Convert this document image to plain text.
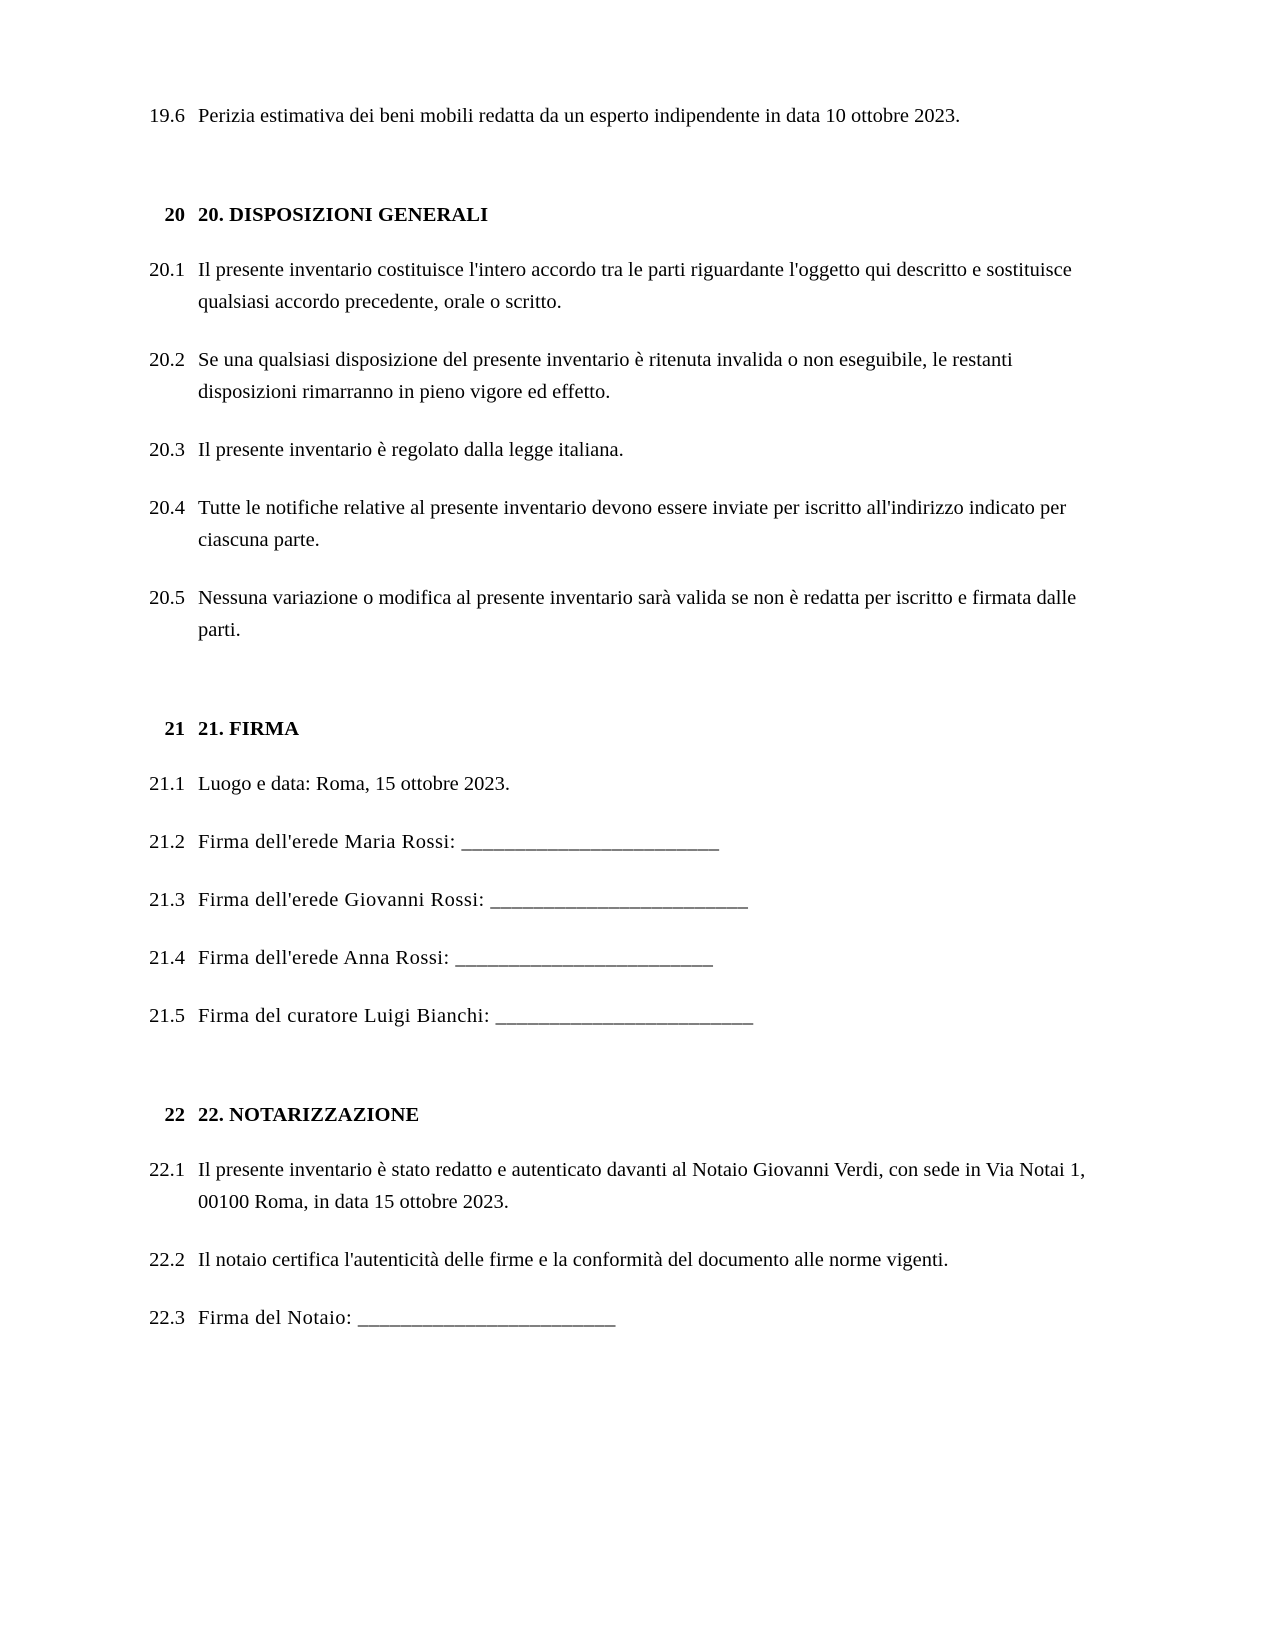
19.6 Perizia estimativa dei beni mobili redatta da un esperto indipendente in data 10 ottobre 2023.
20 20. DISPOSIZIONI GENERALI
20.1 Il presente inventario costituisce l'intero accordo tra le parti riguardante l'oggetto qui descritto e sostituisce qualsiasi accordo precedente, orale o scritto.
20.2 Se una qualsiasi disposizione del presente inventario è ritenuta invalida o non eseguibile, le restanti disposizioni rimarranno in pieno vigore ed effetto.
20.3 Il presente inventario è regolato dalla legge italiana.
20.4 Tutte le notifiche relative al presente inventario devono essere inviate per iscritto all'indirizzo indicato per ciascuna parte.
20.5 Nessuna variazione o modifica al presente inventario sarà valida se non è redatta per iscritto e firmata dalle parti.
21 21. FIRMA
21.1 Luogo e data: Roma, 15 ottobre 2023.
21.2 Firma dell'erede Maria Rossi: ________________________
21.3 Firma dell'erede Giovanni Rossi: ________________________
21.4 Firma dell'erede Anna Rossi: ________________________
21.5 Firma del curatore Luigi Bianchi: ________________________
22 22. NOTARIZZAZIONE
22.1 Il presente inventario è stato redatto e autenticato davanti al Notaio Giovanni Verdi, con sede in Via Notai 1, 00100 Roma, in data 15 ottobre 2023.
22.2 Il notaio certifica l'autenticità delle firme e la conformità del documento alle norme vigenti.
22.3 Firma del Notaio: ________________________
